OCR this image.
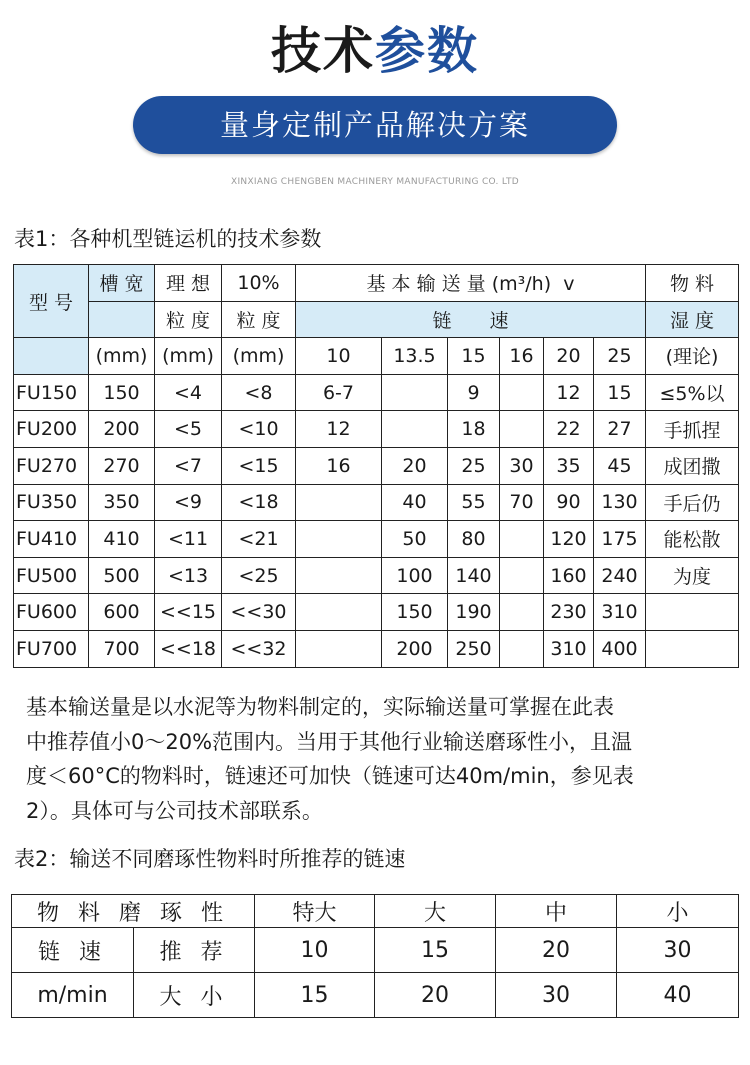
技术参数
量身定制产品解决方案
XINXIANG CHENGBEN MACHINERY MANUFACTURING CO. LTD
表1：各种机型链运机的技术参数
型 号	槽 宽	理 想	10%	基 本 输 送 量 (m³/h) v						物 料
		粒 度	粒 度	链　　速						湿 度
	(mm)	(mm)	(mm)	10	13.5	15	16	20	25	(理论)
FU150	150	<4	<8	6-7		9		12	15	≤5%以
FU200	200	<5	<10	12		18		22	27	手抓捏
FU270	270	<7	<15	16	20	25	30	35	45	成团撒
FU350	350	<9	<18		40	55	70	90	130	手后仍
FU410	410	<11	<21		50	80		120	175	能松散
FU500	500	<13	<25		100	140		160	240	为度
FU600	600	<<15	<<30		150	190		230	310	
FU700	700	<<18	<<32		200	250		310	400	
基本输送量是以水泥等为物料制定的，实际输送量可掌握在此表
中推荐值小0～20%范围内。当用于其他行业输送磨琢性小，且温
度＜60°C的物料时，链速还可加快（链速可达40m/min，参见表
2）。具体可与公司技术部联系。
表2：输送不同磨琢性物料时所推荐的链速
物 料 磨 琢 性		特大	大	中	小
链 速	推 荐	10	15	20	30
m/min	大 小	15	20	30	40
